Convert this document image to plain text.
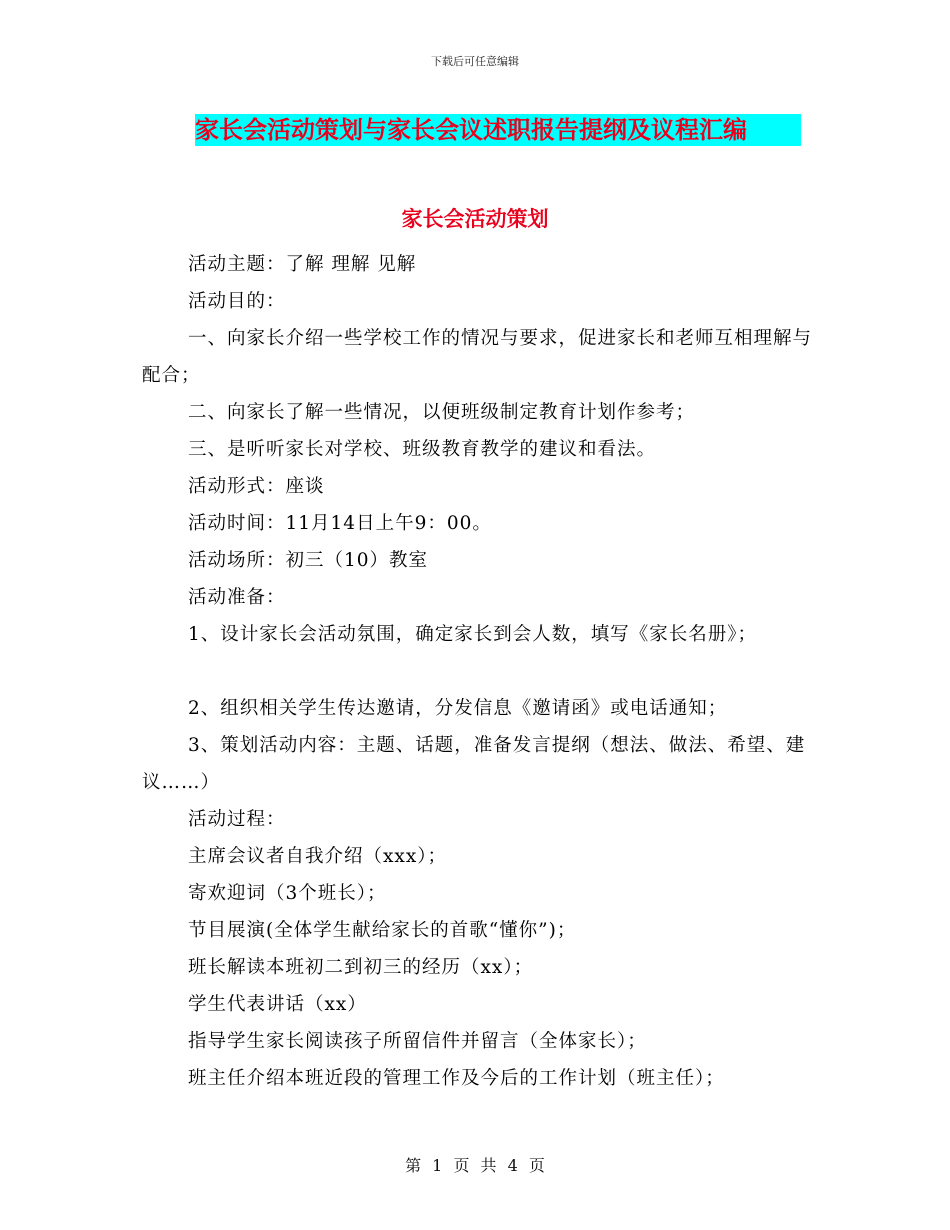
下载后可任意编辑
家长会活动策划与家长会议述职报告提纲及议程汇编
家长会活动策划

活动主题：了解 理解 见解

活动目的：

一、向家长介绍一些学校工作的情况与要求，促进家长和老师互相理解与配合；

二、向家长了解一些情况，以便班级制定教育计划作参考；

三、是听听家长对学校、班级教育教学的建议和看法。

活动形式：座谈

活动时间：11月14日上午9：00。

活动场所：初三（10）教室

活动准备：

1、设计家长会活动氛围，确定家长到会人数，填写《家长名册》；

2、组织相关学生传达邀请，分发信息《邀请函》或电话通知；

3、策划活动内容：主题、话题，准备发言提纲（想法、做法、希望、建议……）

活动过程：

主席会议者自我介绍（xxx）；

寄欢迎词（3个班长）；

节目展演(全体学生献给家长的首歌“懂你”)；

班长解读本班初二到初三的经历（xx）；

学生代表讲话（xx）

指导学生家长阅读孩子所留信件并留言（全体家长）；

班主任介绍本班近段的管理工作及今后的工作计划（班主任）；

第 1 页 共 4 页
